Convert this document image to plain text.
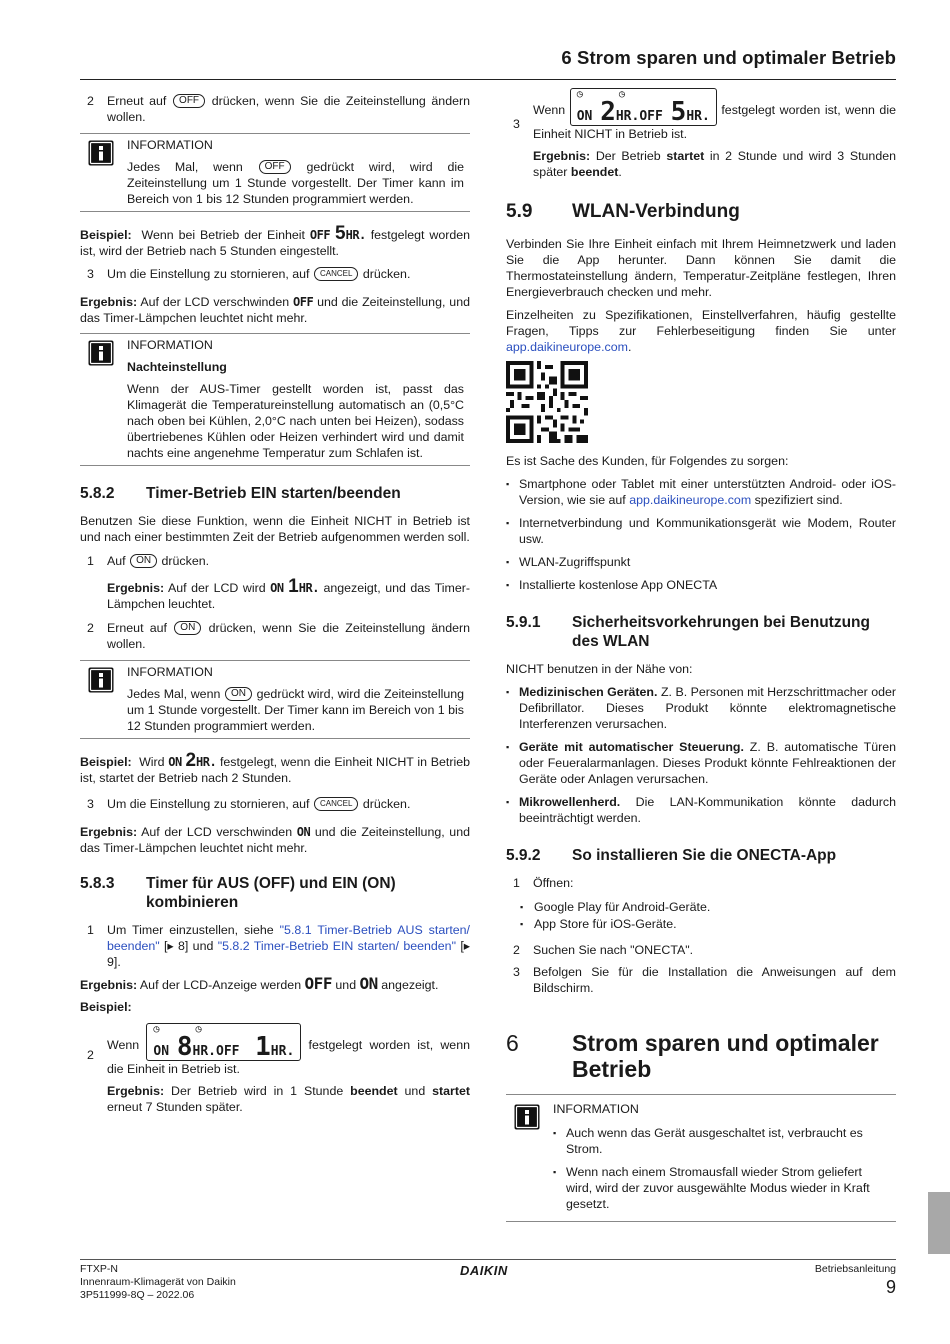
6 Strom sparen und optimaler Betrieb
2	Erneut auf OFF drücken, wenn Sie die Zeiteinstellung ändern wollen.
INFORMATION

Jedes Mal, wenn OFF gedrückt wird, wird die Zeiteinstellung um 1 Stunde vorgestellt. Der Timer kann im Bereich von 1 bis 12 Stunden programmiert werden.

Beispiel: Wenn bei Betrieb der Einheit OFF 5HR. festgelegt worden ist, wird der Betrieb nach 5 Stunden eingestellt.

3	Um die Einstellung zu stornieren, auf CANCEL drücken.

Ergebnis: Auf der LCD verschwinden OFF und die Zeiteinstellung, und das Timer-Lämpchen leuchtet nicht mehr.

INFORMATION
Nachteinstellung

Wenn der AUS-Timer gestellt worden ist, passt das Klimagerät die Temperatureinstellung automatisch an (0,5°C nach oben bei Kühlen, 2,0°C nach unten bei Heizen), sodass übertriebenes Kühlen oder Heizen verhindert wird und damit nachts eine angenehme Temperatur zum Schlafen ist.

5.8.2	Timer-Betrieb EIN starten/beenden

Benutzen Sie diese Funktion, wenn die Einheit NICHT in Betrieb ist und nach einer bestimmten Zeit der Betrieb aufgenommen werden soll.

1	Auf ON drücken.
Ergebnis: Auf der LCD wird ON 1HR. angezeigt, und das Timer-Lämpchen leuchtet.
2	Erneut auf ON drücken, wenn Sie die Zeiteinstellung ändern wollen.
INFORMATION

Jedes Mal, wenn ON gedrückt wird, wird die Zeiteinstellung um 1 Stunde vorgestellt. Der Timer kann im Bereich von 1 bis 12 Stunden programmiert werden.

Beispiel: Wird ON 2HR. festgelegt, wenn die Einheit NICHT in Betrieb ist, startet der Betrieb nach 2 Stunden.

3	Um die Einstellung zu stornieren, auf CANCEL drücken.

Ergebnis: Auf der LCD verschwinden ON und die Zeiteinstellung, und das Timer-Lämpchen leuchtet nicht mehr.

5.8.3	Timer für AUS (OFF) und EIN (ON) kombinieren
1	Um Timer einzustellen, siehe "5.8.1 Timer-Betrieb AUS starten/ beenden" [▸ 8] und "5.8.2 Timer-Betrieb EIN starten/ beenden" [▸ 9].

Ergebnis: Auf der LCD-Anzeige werden OFF und ON angezeigt.

Beispiel:

2
Wenn
◷      ◷
ON 8HR.OFF 1HR. festgelegt worden ist, wenn die Einheit in Betrieb ist.
Ergebnis: Der Betrieb wird in 1 Stunde beendet und startet erneut 7 Stunden später.
3
Wenn
◷      ◷
ON 2HR.OFF 5HR. festgelegt worden ist, wenn die Einheit NICHT in Betrieb ist.
Ergebnis: Der Betrieb startet in 2 Stunde und wird 3 Stunden später beendet.
5.9	WLAN-Verbindung

Verbinden Sie Ihre Einheit einfach mit Ihrem Heimnetzwerk und laden Sie die App herunter. Dann können Sie damit die Thermostateinstellung ändern, Temperatur-Zeitpläne festlegen, Ihren Energieverbrauch checken und mehr.

Einzelheiten zu Spezifikationen, Einstellverfahren, häufig gestellte Fragen, Tipps zur Fehlerbeseitigung finden Sie unter app.daikineurope.com.

Es ist Sache des Kunden, für Folgendes zu sorgen:

▪ Smartphone oder Tablet mit einer unterstützten Android- oder iOS-Version, wie sie auf app.daikineurope.com spezifiziert sind.
▪ Internetverbindung und Kommunikationsgerät wie Modem, Router usw.
▪ WLAN-Zugriffspunkt
▪ Installierte kostenlose App ONECTA
5.9.1	Sicherheitsvorkehrungen bei Benutzung des WLAN

NICHT benutzen in der Nähe von:

▪ Medizinischen Geräten. Z. B. Personen mit Herzschrittmacher oder Defibrillator. Dieses Produkt könnte elektromagnetische Interferenzen verursachen.
▪ Geräte mit automatischer Steuerung. Z. B. automatische Türen oder Feueralarmanlagen. Dieses Produkt könnte Fehlreaktionen der Geräte oder Anlagen verursachen.
▪ Mikrowellenherd. Die LAN-Kommunikation könnte dadurch beeinträchtigt werden.
5.9.2	So installieren Sie die ONECTA-App
1	Öffnen:
▪ Google Play für Android-Geräte.
▪ App Store für iOS-Geräte.
2	Suchen Sie nach "ONECTA".
3	Befolgen Sie für die Installation die Anweisungen auf dem Bildschirm.
6	Strom sparen und optimaler Betrieb
INFORMATION
▪ Auch wenn das Gerät ausgeschaltet ist, verbraucht es Strom.
▪ Wenn nach einem Stromausfall wieder Strom geliefert wird, wird der zuvor ausgewählte Modus wieder in Kraft gesetzt.
FTXP-N
Innenraum-Klimagerät von Daikin
3P511999-8Q – 2022.06
DAIKIN	Betriebsanleitung
9
